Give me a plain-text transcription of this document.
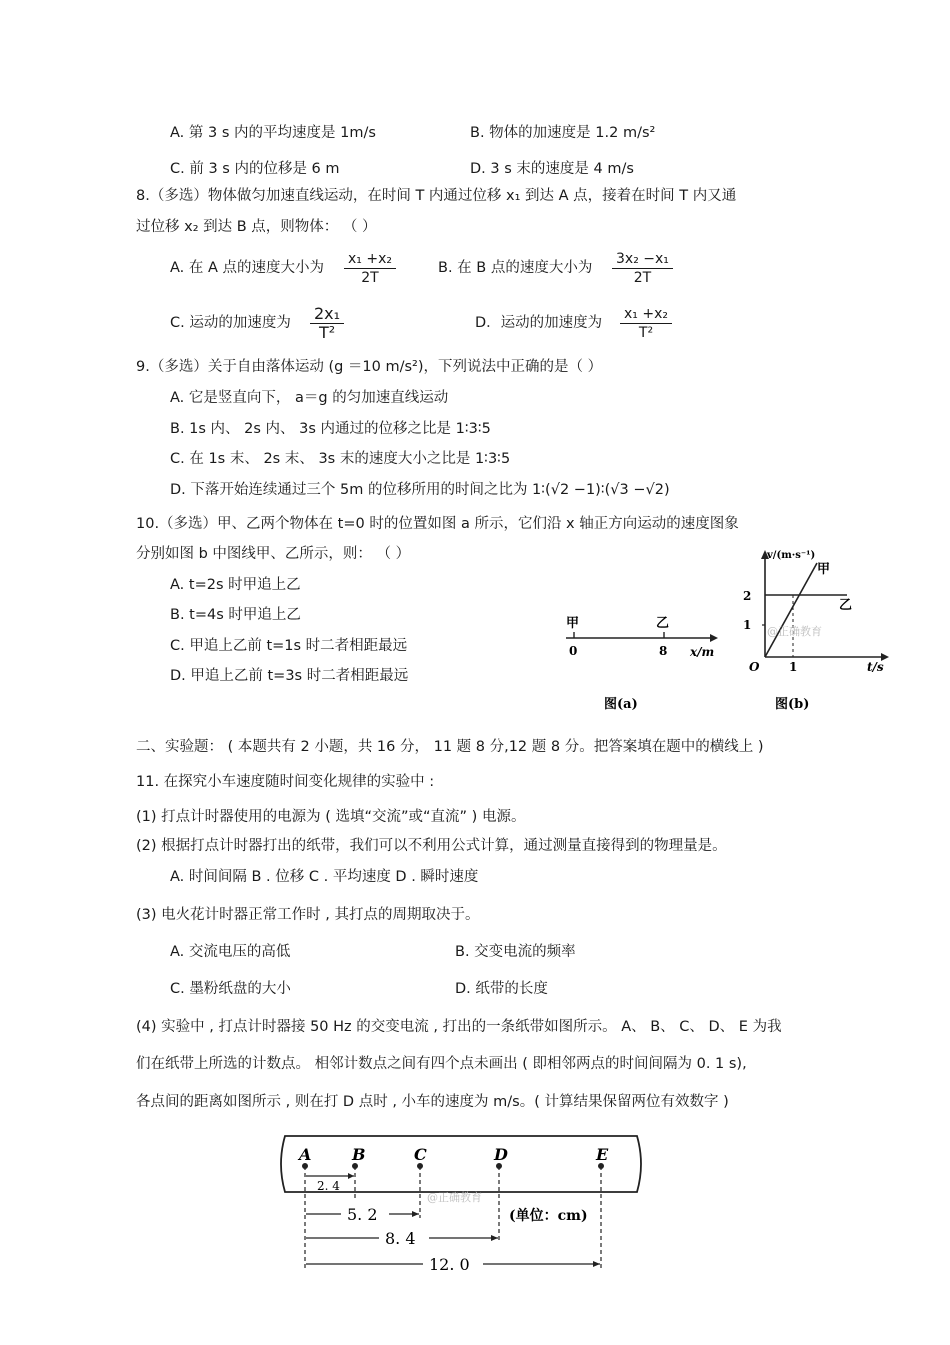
A. 第 3 s 内的平均速度是 1m/s	B. 物体的加速度是 1.2 m/s²
C. 前 3 s 内的位移是 6 m	D. 3 s 末的速度是 4 m/s
8.（多选）物体做匀加速直线运动，在时间 T 内通过位移 x₁ 到达 A 点，接着在时间 T 内又通
过位移 x₂ 到达 B 点，则物体： （ ）
A. 在 A 点的速度大小为 $\frac{\text{x₁ +x₂}}{2T}$	B. 在 B 点的速度大小为 $\frac{\text{3x₂ −x₁}}{2T}$
C. 运动的加速度为 $\frac{\text{2x₁}}{\text{T²}}$	D．运动的加速度为 $\frac{\text{x₁ +x₂}}{\text{T²}}$
9.（多选）关于自由落体运动 (g ＝10 m/s²)，下列说法中正确的是（ ）
A. 它是竖直向下， a＝g 的匀加速直线运动
B. 1s 内、 2s 内、 3s 内通过的位移之比是 1∶3∶5
C. 在 1s 末、 2s 末、 3s 末的速度大小之比是 1∶3∶5
D. 下落开始连续通过三个 5m 的位移所用的时间之比为 1∶(√2 −1)∶(√3 −√2)
10.（多选）甲、乙两个物体在 t=0 时的位置如图 a 所示，它们沿 x 轴正方向运动的速度图象
分别如图 b 中图线甲、乙所示，则： （ ）
A. t=2s 时甲追上乙
B. t=4s 时甲追上乙
C. 甲追上乙前 t=1s 时二者相距最远
D. 甲追上乙前 t=3s 时二者相距最远
甲	乙
0	8 x/m
图(a)
v/(m·s⁻¹)
甲
乙
2
1
O 1	t/s
@正确教育
图(b)
二、实验题： ( 本题共有 2 小题，共 16 分， 11 题 8 分,12 题 8 分。把答案填在题中的横线上 )
11. 在探究小车速度随时间变化规律的实验中 :
(1) 打点计时器使用的电源为 ( 选填“交流”或“直流” ) 电源。
(2) 根据打点计时器打出的纸带，我们可以不利用公式计算，通过测量直接得到的物理量是。
A. 时间间隔 B . 位移 C . 平均速度 D . 瞬时速度
(3) 电火花计时器正常工作时 , 其打点的周期取决于。
A. 交流电压的高低	B. 交变电流的频率
C. 墨粉纸盘的大小	D. 纸带的长度
(4) 实验中 , 打点计时器接 50 Hz 的交变电流 , 打出的一条纸带如图所示。 A、 B、 C、 D、 E 为我
们在纸带上所选的计数点。 相邻计数点之间有四个点未画出 ( 即相邻两点的时间间隔为 0. 1 s),
各点间的距离如图所示 , 则在打 D 点时 , 小车的速度为 m/s。( 计算结果保留两位有效数字 )
A	B	C	D	E
2. 4
5. 2
8. 4
12. 0
(单位：cm)
@正确教育
